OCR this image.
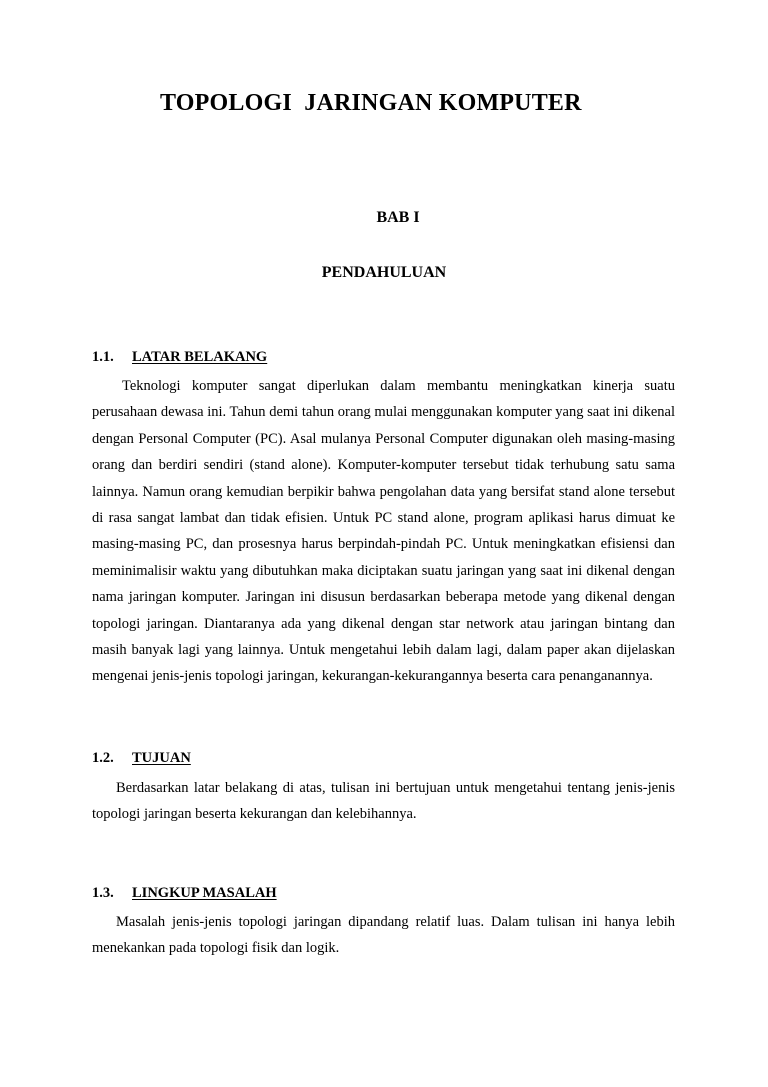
TOPOLOGI  JARINGAN KOMPUTER

BAB I

PENDAHULUAN

1.1. LATAR BELAKANG

Teknologi komputer sangat diperlukan dalam membantu meningkatkan kinerja suatu perusahaan dewasa ini. Tahun demi tahun orang mulai menggunakan komputer yang saat ini dikenal dengan Personal Computer (PC). Asal mulanya Personal Computer digunakan oleh masing-masing orang dan berdiri sendiri (stand alone). Komputer-komputer tersebut tidak terhubung satu sama lainnya. Namun orang kemudian berpikir bahwa pengolahan data yang bersifat stand alone tersebut di rasa sangat lambat dan tidak efisien. Untuk PC stand alone, program aplikasi harus dimuat ke masing-masing PC, dan prosesnya harus berpindah-pindah PC. Untuk meningkatkan efisiensi dan meminimalisir waktu yang dibutuhkan maka diciptakan suatu jaringan yang saat ini dikenal dengan nama jaringan komputer. Jaringan ini disusun berdasarkan beberapa metode yang dikenal dengan topologi jaringan. Diantaranya ada yang dikenal dengan star network atau jaringan bintang dan masih banyak lagi yang lainnya. Untuk mengetahui lebih dalam lagi, dalam paper akan dijelaskan mengenai jenis-jenis topologi jaringan, kekurangan-kekurangannya beserta cara penanganannya.

1.2. TUJUAN

Berdasarkan latar belakang di atas, tulisan ini bertujuan untuk mengetahui tentang jenis-jenis topologi jaringan beserta kekurangan dan kelebihannya.

1.3. LINGKUP MASALAH

Masalah jenis-jenis topologi jaringan dipandang relatif luas. Dalam tulisan ini hanya lebih menekankan pada topologi fisik dan logik.
